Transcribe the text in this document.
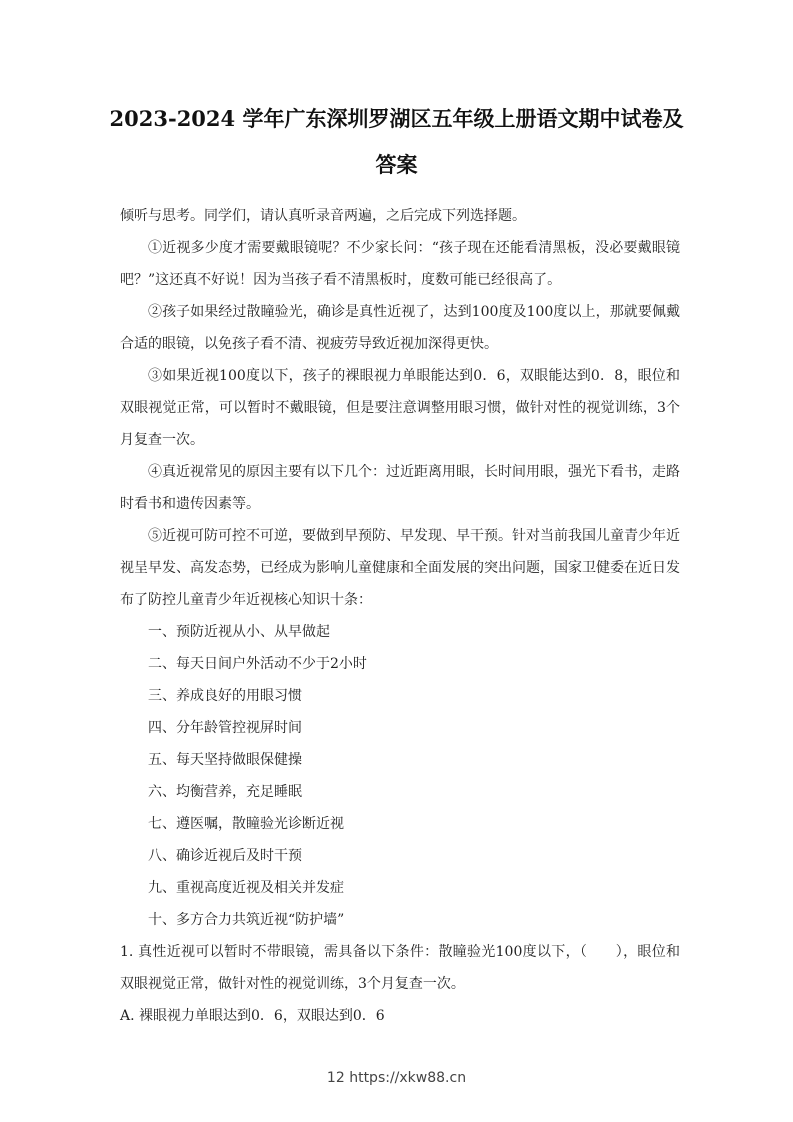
2023-2024 学年广东深圳罗湖区五年级上册语文期中试卷及答案

倾听与思考。同学们，请认真听录音两遍，之后完成下列选择题。

①近视多少度才需要戴眼镜呢？不少家长问：“孩子现在还能看清黑板，没必要戴眼镜吧？”这还真不好说！因为当孩子看不清黑板时，度数可能已经很高了。

②孩子如果经过散瞳验光，确诊是真性近视了，达到100度及100度以上，那就要佩戴合适的眼镜，以免孩子看不清、视疲劳导致近视加深得更快。

③如果近视100度以下，孩子的裸眼视力单眼能达到0．6，双眼能达到0．8，眼位和双眼视觉正常，可以暂时不戴眼镜，但是要注意调整用眼习惯，做针对性的视觉训练，3个月复查一次。

④真近视常见的原因主要有以下几个：过近距离用眼，长时间用眼，强光下看书，走路时看书和遗传因素等。

⑤近视可防可控不可逆，要做到早预防、早发现、早干预。针对当前我国儿童青少年近视呈早发、高发态势，已经成为影响儿童健康和全面发展的突出问题，国家卫健委在近日发布了防控儿童青少年近视核心知识十条：

一、预防近视从小、从早做起

二、每天日间户外活动不少于2小时

三、养成良好的用眼习惯

四、分年龄管控视屏时间

五、每天坚持做眼保健操

六、均衡营养，充足睡眠

七、遵医嘱，散瞳验光诊断近视

八、确诊近视后及时干预

九、重视高度近视及相关并发症

十、多方合力共筑近视“防护墙”

1. 真性近视可以暂时不带眼镜，需具备以下条件：散瞳验光100度以下，（　　），眼位和双眼视觉正常，做针对性的视觉训练，3个月复查一次。

A. 裸眼视力单眼达到0．6，双眼达到0．6

12 https://xkw88.cn
